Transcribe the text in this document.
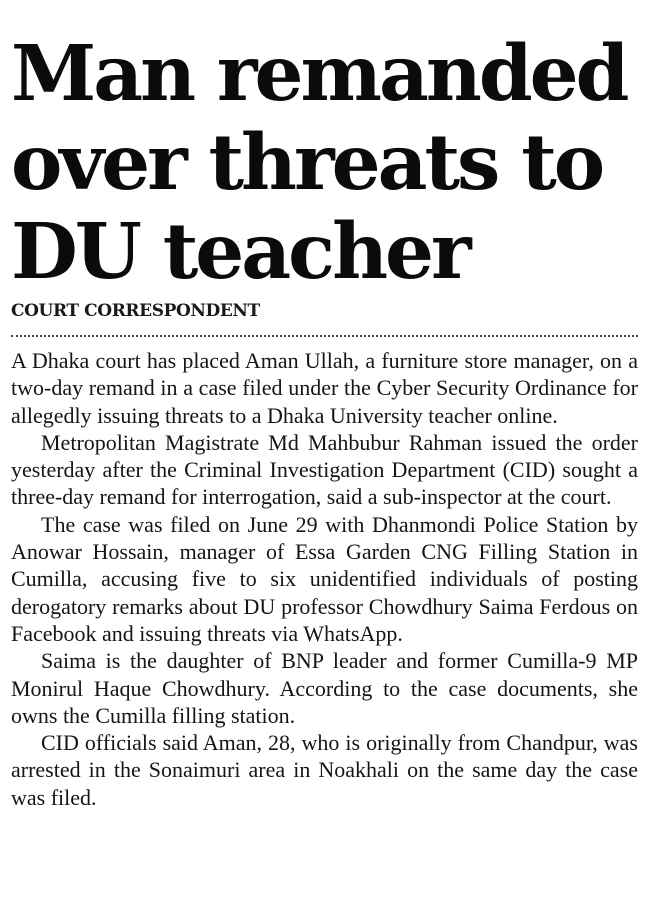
Man remanded
over threats to
DU teacher
COURT CORRESPONDENT

A Dhaka court has placed Aman Ullah, a furniture store manager, on a two-day remand in a case filed under the Cyber Security Ordinance for allegedly issuing threats to a Dhaka University teacher online.

Metropolitan Magistrate Md Mahbubur Rahman issued the order yesterday after the Criminal Investigation Department (CID) sought a three-day remand for interrogation, said a sub-inspector at the court.

The case was filed on June 29 with Dhanmondi Police Station by Anowar Hossain, manager of Essa Garden CNG Filling Station in Cumilla, accusing five to six unidentified individuals of posting derogatory remarks about DU professor Chowdhury Saima Ferdous on Facebook and issuing threats via WhatsApp.

Saima is the daughter of BNP leader and former Cumilla-9 MP Monirul Haque Chowdhury. According to the case documents, she owns the Cumilla filling station.

CID officials said Aman, 28, who is originally from Chandpur, was arrested in the Sonaimuri area in Noakhali on the same day the case was filed.
